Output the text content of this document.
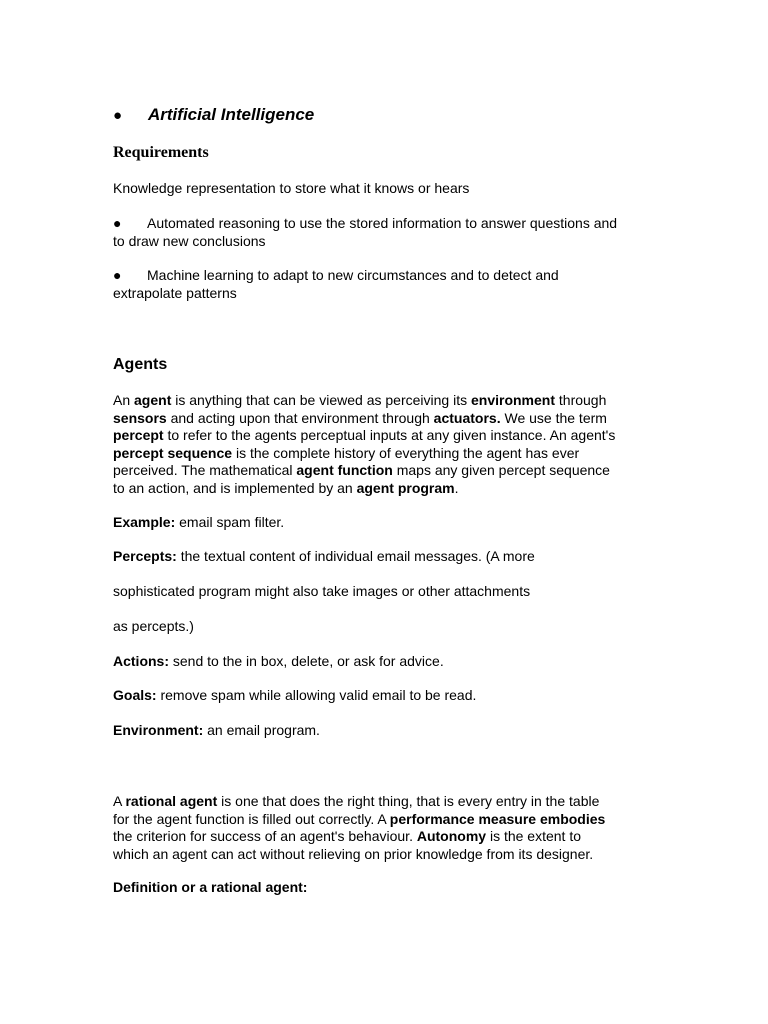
● Artificial Intelligence
Requirements
Knowledge representation to store what it knows or hears
● Automated reasoning to use the stored information to answer questions and
to draw new conclusions
● Machine learning to adapt to new circumstances and to detect and
extrapolate patterns
Agents
An agent is anything that can be viewed as perceiving its environment through
sensors and acting upon that environment through actuators. We use the term
percept to refer to the agents perceptual inputs at any given instance. An agent's
percept sequence is the complete history of everything the agent has ever
perceived. The mathematical agent function maps any given percept sequence
to an action, and is implemented by an agent program.
Example: email spam filter.
Percepts: the textual content of individual email messages. (A more
sophisticated program might also take images or other attachments
as percepts.)
Actions: send to the in box, delete, or ask for advice.
Goals: remove spam while allowing valid email to be read.
Environment: an email program.
A rational agent is one that does the right thing, that is every entry in the table
for the agent function is filled out correctly. A performance measure embodies
the criterion for success of an agent's behaviour. Autonomy is the extent to
which an agent can act without relieving on prior knowledge from its designer.
Definition or a rational agent:
